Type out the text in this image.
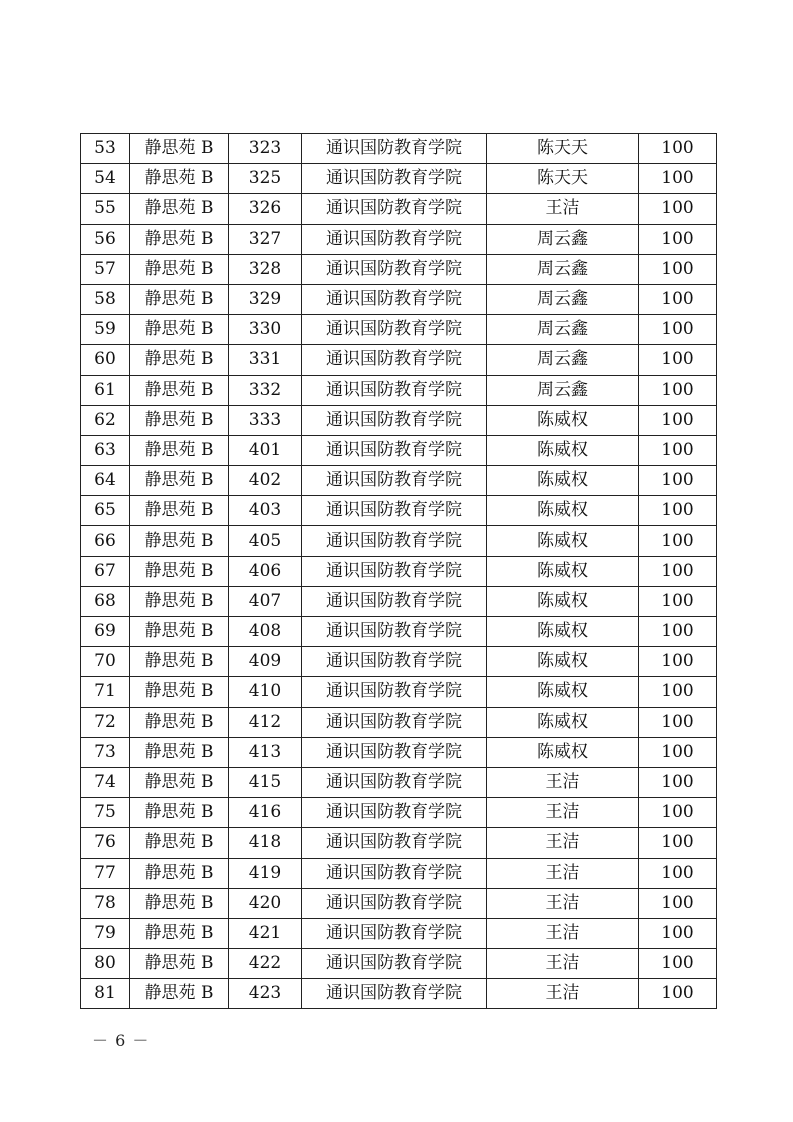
53	静思苑 B	323	通识国防教育学院	陈天天	100
54	静思苑 B	325	通识国防教育学院	陈天天	100
55	静思苑 B	326	通识国防教育学院	王洁	100
56	静思苑 B	327	通识国防教育学院	周云鑫	100
57	静思苑 B	328	通识国防教育学院	周云鑫	100
58	静思苑 B	329	通识国防教育学院	周云鑫	100
59	静思苑 B	330	通识国防教育学院	周云鑫	100
60	静思苑 B	331	通识国防教育学院	周云鑫	100
61	静思苑 B	332	通识国防教育学院	周云鑫	100
62	静思苑 B	333	通识国防教育学院	陈威权	100
63	静思苑 B	401	通识国防教育学院	陈威权	100
64	静思苑 B	402	通识国防教育学院	陈威权	100
65	静思苑 B	403	通识国防教育学院	陈威权	100
66	静思苑 B	405	通识国防教育学院	陈威权	100
67	静思苑 B	406	通识国防教育学院	陈威权	100
68	静思苑 B	407	通识国防教育学院	陈威权	100
69	静思苑 B	408	通识国防教育学院	陈威权	100
70	静思苑 B	409	通识国防教育学院	陈威权	100
71	静思苑 B	410	通识国防教育学院	陈威权	100
72	静思苑 B	412	通识国防教育学院	陈威权	100
73	静思苑 B	413	通识国防教育学院	陈威权	100
74	静思苑 B	415	通识国防教育学院	王洁	100
75	静思苑 B	416	通识国防教育学院	王洁	100
76	静思苑 B	418	通识国防教育学院	王洁	100
77	静思苑 B	419	通识国防教育学院	王洁	100
78	静思苑 B	420	通识国防教育学院	王洁	100
79	静思苑 B	421	通识国防教育学院	王洁	100
80	静思苑 B	422	通识国防教育学院	王洁	100
81	静思苑 B	423	通识国防教育学院	王洁	100
－ 6 －
